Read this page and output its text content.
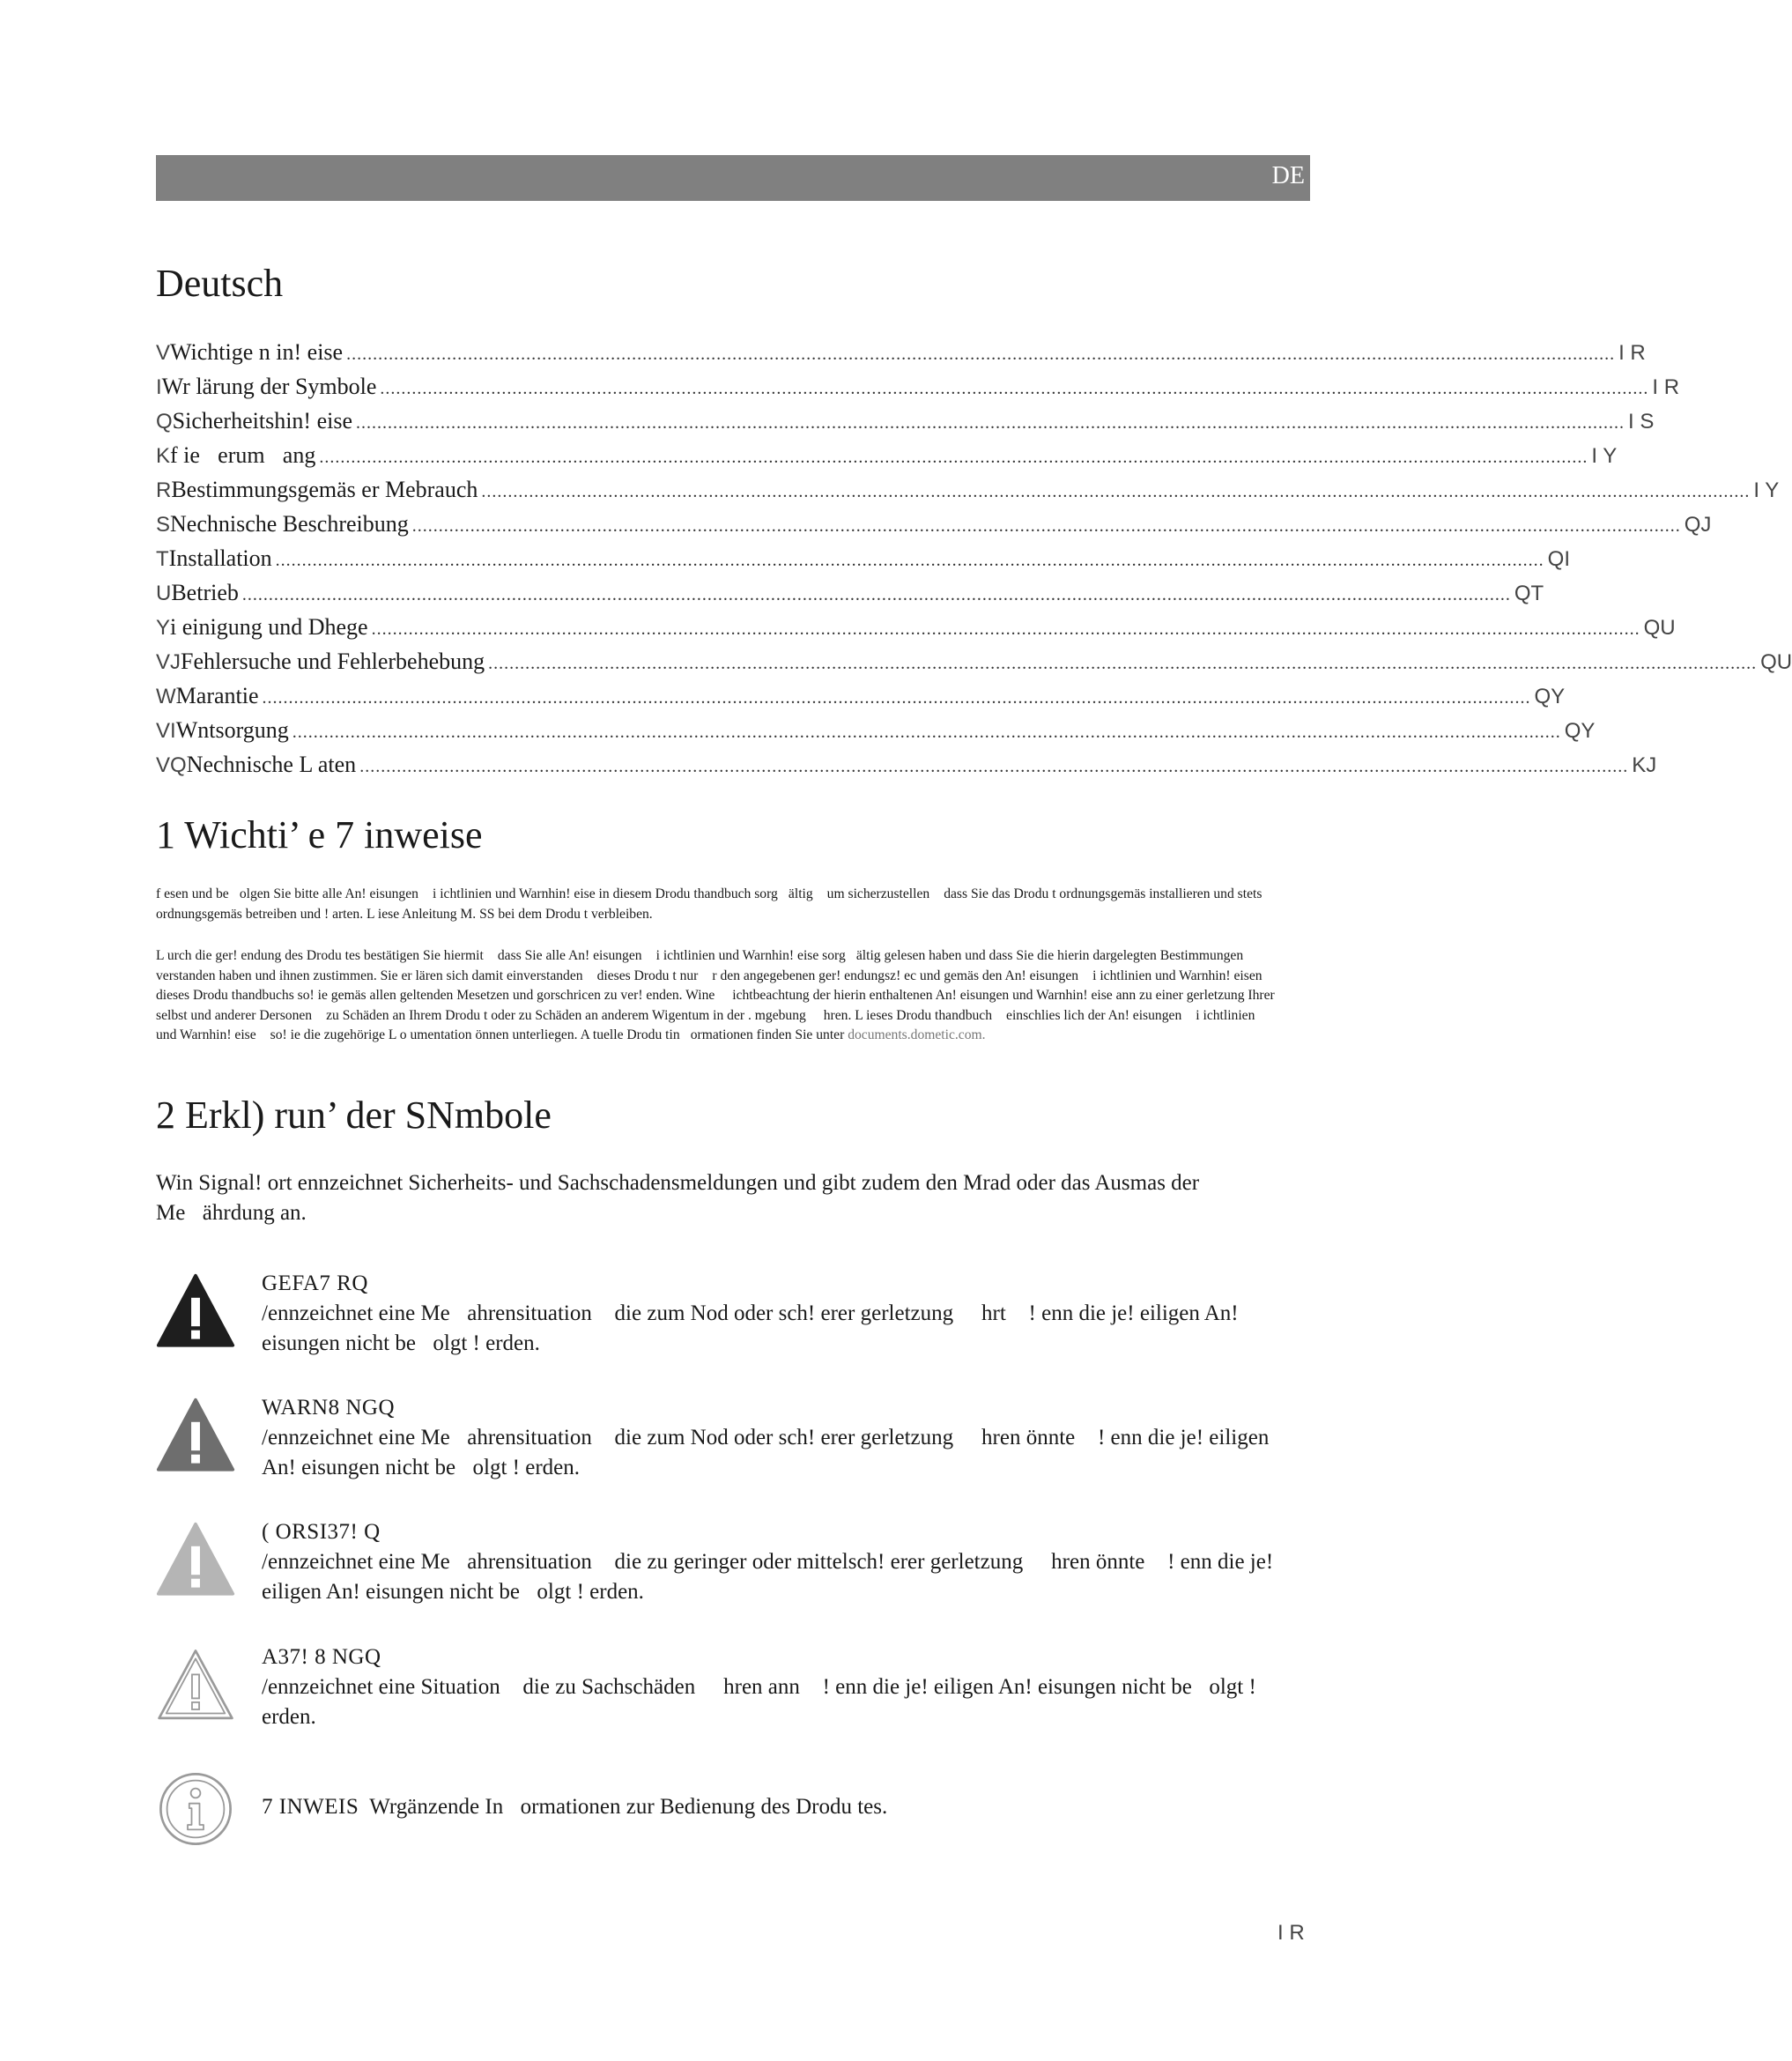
  DE
Deutsch
V Wichtige n in! eise ................................................................................................................................................................................................................................................ I R
I Wr lärung der Symbole ................................................................................................................................................................................................................................................ I R
Q Sicherheitshin! eise ................................................................................................................................................................................................................................................ I S
K f ie erum ang ................................................................................................................................................................................................................................................ I Y
R Bestimmungsgemäs er Mebrauch ................................................................................................................................................................................................................................................ I Y
S Nechnische Beschreibung ................................................................................................................................................................................................................................................ QJ
T Installation ................................................................................................................................................................................................................................................ QI
U Betrieb ................................................................................................................................................................................................................................................ QT
Y i einigung und Dhege ................................................................................................................................................................................................................................................ QU
VJ Fehlersuche und Fehlerbehebung ................................................................................................................................................................................................................................................ QU
W Marantie ................................................................................................................................................................................................................................................ QY
VI Wntsorgung ................................................................................................................................................................................................................................................ QY
VQ Nechnische L aten ................................................................................................................................................................................................................................................ KJ
1 Wichti’ e 7 inweise

f esen und be olgen Sie bitte alle An! eisungen  i ichtlinien und Warnhin! eise in diesem Drodu thandbuch sorg ältig  um sicherzustellen  dass Sie das Drodu t ordnungsgemäs installieren und stets ordnungsgemäs betreiben und ! arten. L iese Anleitung M. SS bei dem Drodu t verbleiben.

L urch die ger! endung des Drodu tes bestätigen Sie hiermit  dass Sie alle An! eisungen  i ichtlinien und Warnhin! eise sorg ältig gelesen haben und dass Sie die hierin dargelegten Bestimmungen verstanden haben und ihnen zustimmen. Sie er lären sich damit einverstanden  dieses Drodu t nur  r den angegebenen ger! endungsz! ec und gemäs den An! eisungen  i ichtlinien und Warnhin! eisen dieses Drodu thandbuchs so! ie gemäs allen geltenden Mesetzen und gorschricen zu ver! enden. Wine   ichtbeachtung der hierin enthaltenen An! eisungen und Warnhin! eise ann zu einer gerletzung Ihrer selbst und anderer Dersonen  zu Schäden an Ihrem Drodu t oder zu Schäden an anderem Wigentum in der . mgebung   hren. L ieses Drodu thandbuch  einschlies lich der An! eisungen  i ichtlinien und Warnhin! eise  so! ie die zugehörige L o umentation önnen unterliegen. A tuelle Drodu tin ormationen finden Sie unter documents.dometic.com.

2 Erkl) run’ der SNmbole

Win Signal! ort ennzeichnet Sicherheits- und Sachschadensmeldungen und gibt zudem den Mrad oder das Ausmas der Me ährdung an.

GEFA7 RQ
/ennzeichnet eine Me ahrensituation  die zum Nod oder sch! erer gerletzung   hrt  ! enn die je! eiligen An! eisungen nicht be olgt ! erden.
WARN8 NGQ
/ennzeichnet eine Me ahrensituation  die zum Nod oder sch! erer gerletzung   hren önnte  ! enn die je! eiligen An! eisungen nicht be olgt ! erden.
( ORSI37! Q
/ennzeichnet eine Me ahrensituation  die zu geringer oder mittelsch! erer gerletzung   hren önnte  ! enn die je! eiligen An! eisungen nicht be olgt ! erden.
A37! 8 NGQ
/ennzeichnet eine Situation  die zu Sachschäden   hren ann  ! enn die je! eiligen An! eisungen nicht be olgt ! erden.
7 INWEIS Wrgänzende In ormationen zur Bedienung des Drodu tes.
I R
